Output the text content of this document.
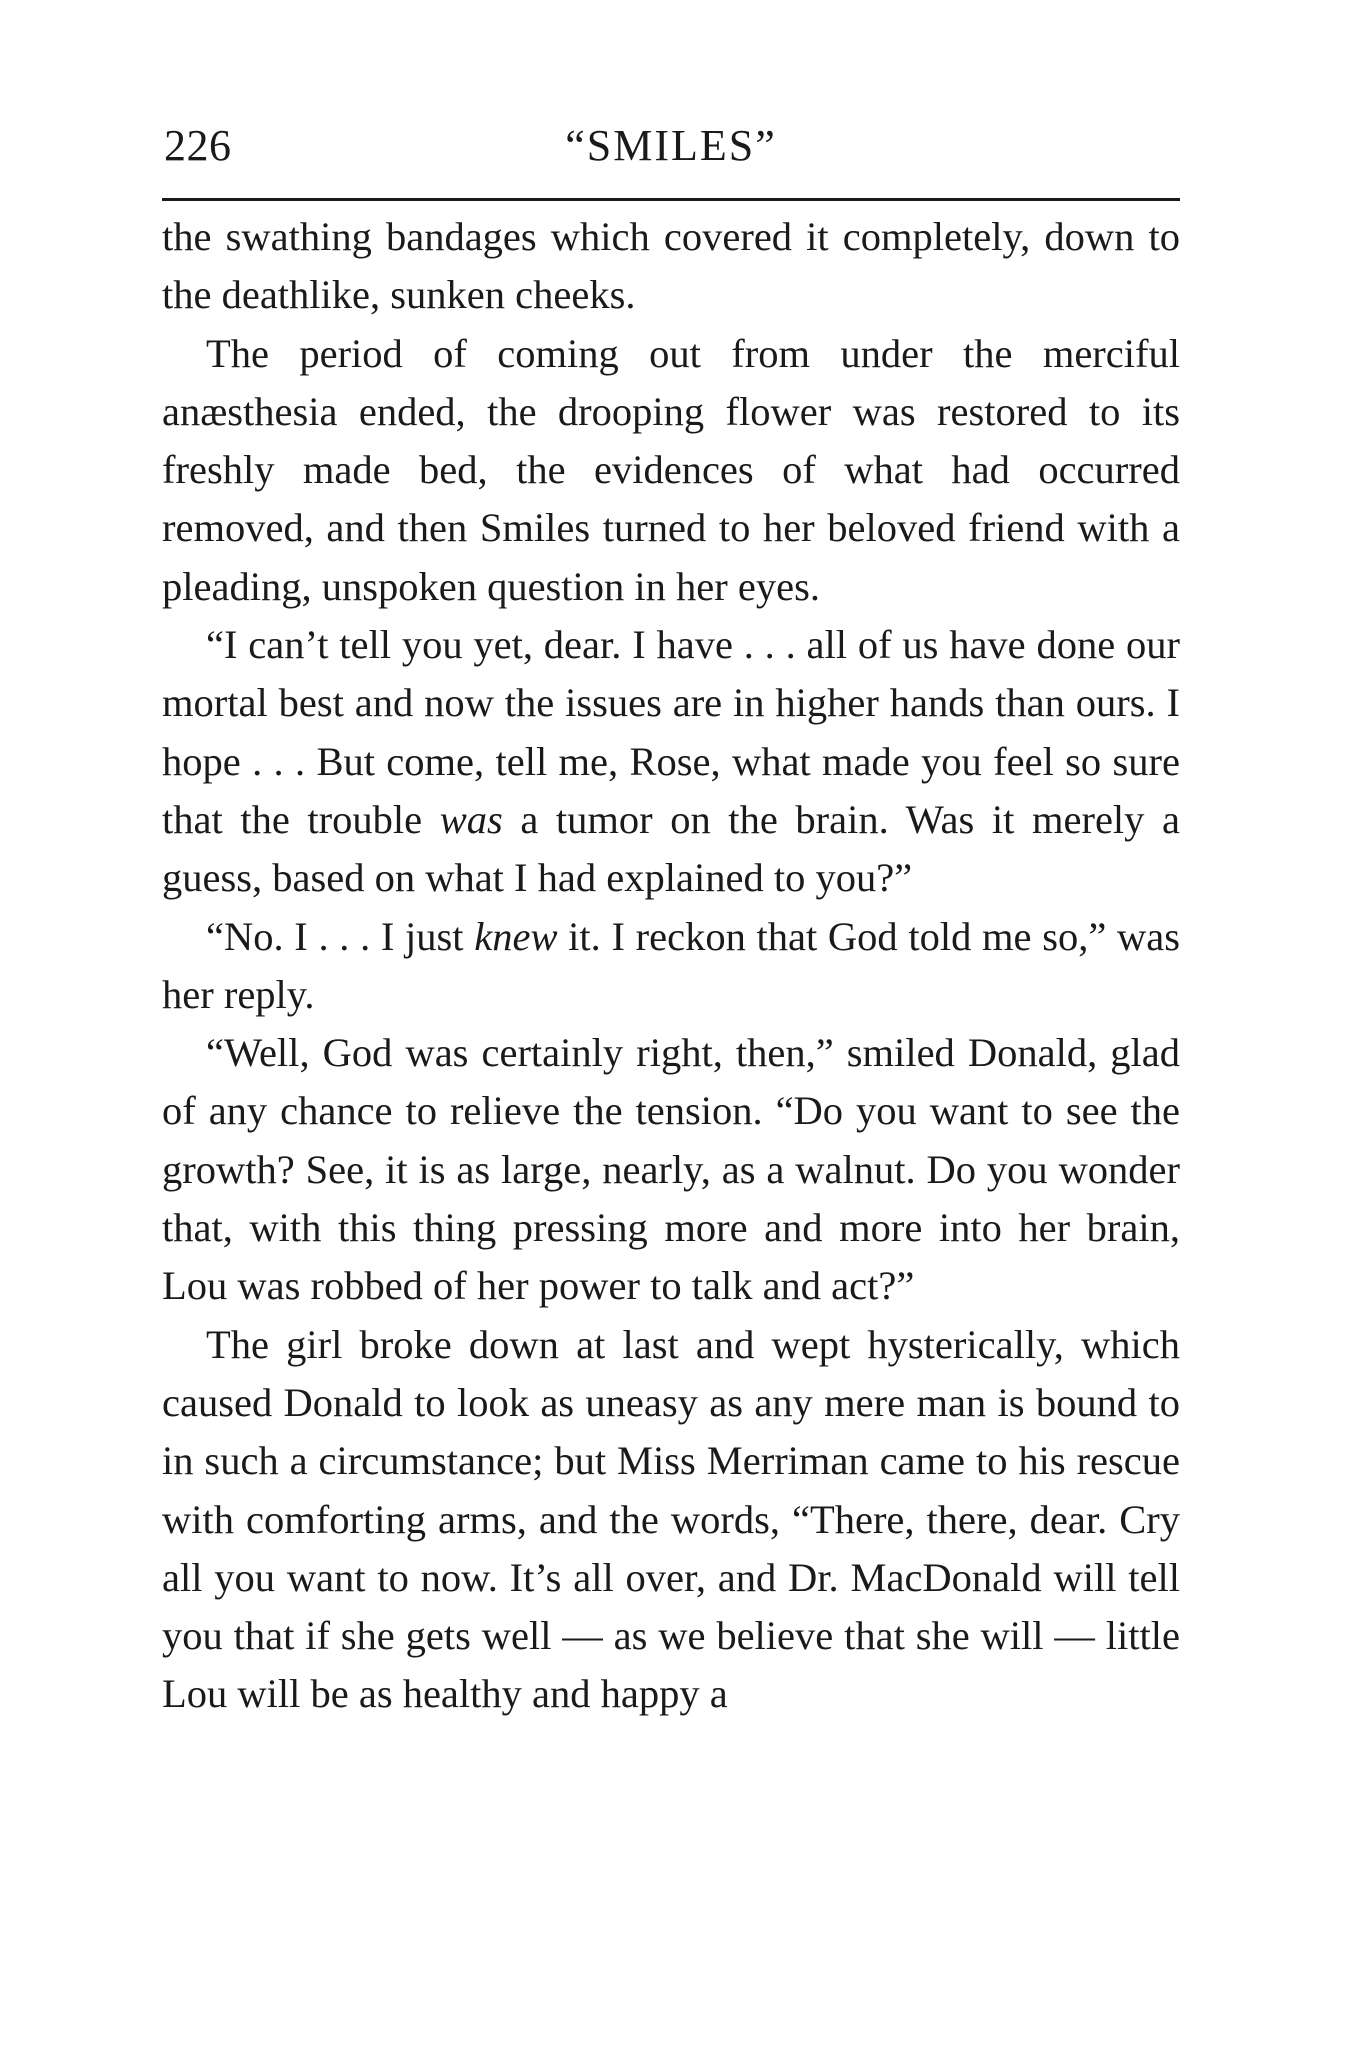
226	“SMILES”

the swathing bandages which covered it completely, down to the deathlike, sunken cheeks.

The period of coming out from under the merciful anæsthesia ended, the drooping flower was restored to its freshly made bed, the evidences of what had occurred removed, and then Smiles turned to her beloved friend with a pleading, unspoken question in her eyes.

“I can’t tell you yet, dear. I have . . . all of us have done our mortal best and now the issues are in higher hands than ours. I hope . . . But come, tell me, Rose, what made you feel so sure that the trouble was a tumor on the brain. Was it merely a guess, based on what I had explained to you?”

“No. I . . . I just knew it. I reckon that God told me so,” was her reply.

“Well, God was certainly right, then,” smiled Donald, glad of any chance to relieve the tension. “Do you want to see the growth? See, it is as large, nearly, as a walnut. Do you wonder that, with this thing pressing more and more into her brain, Lou was robbed of her power to talk and act?”

The girl broke down at last and wept hysterically, which caused Donald to look as uneasy as any mere man is bound to in such a circumstance; but Miss Merriman came to his rescue with comforting arms, and the words, “There, there, dear. Cry all you want to now. It’s all over, and Dr. MacDonald will tell you that if she gets well — as we believe that she will — little Lou will be as healthy and happy a
